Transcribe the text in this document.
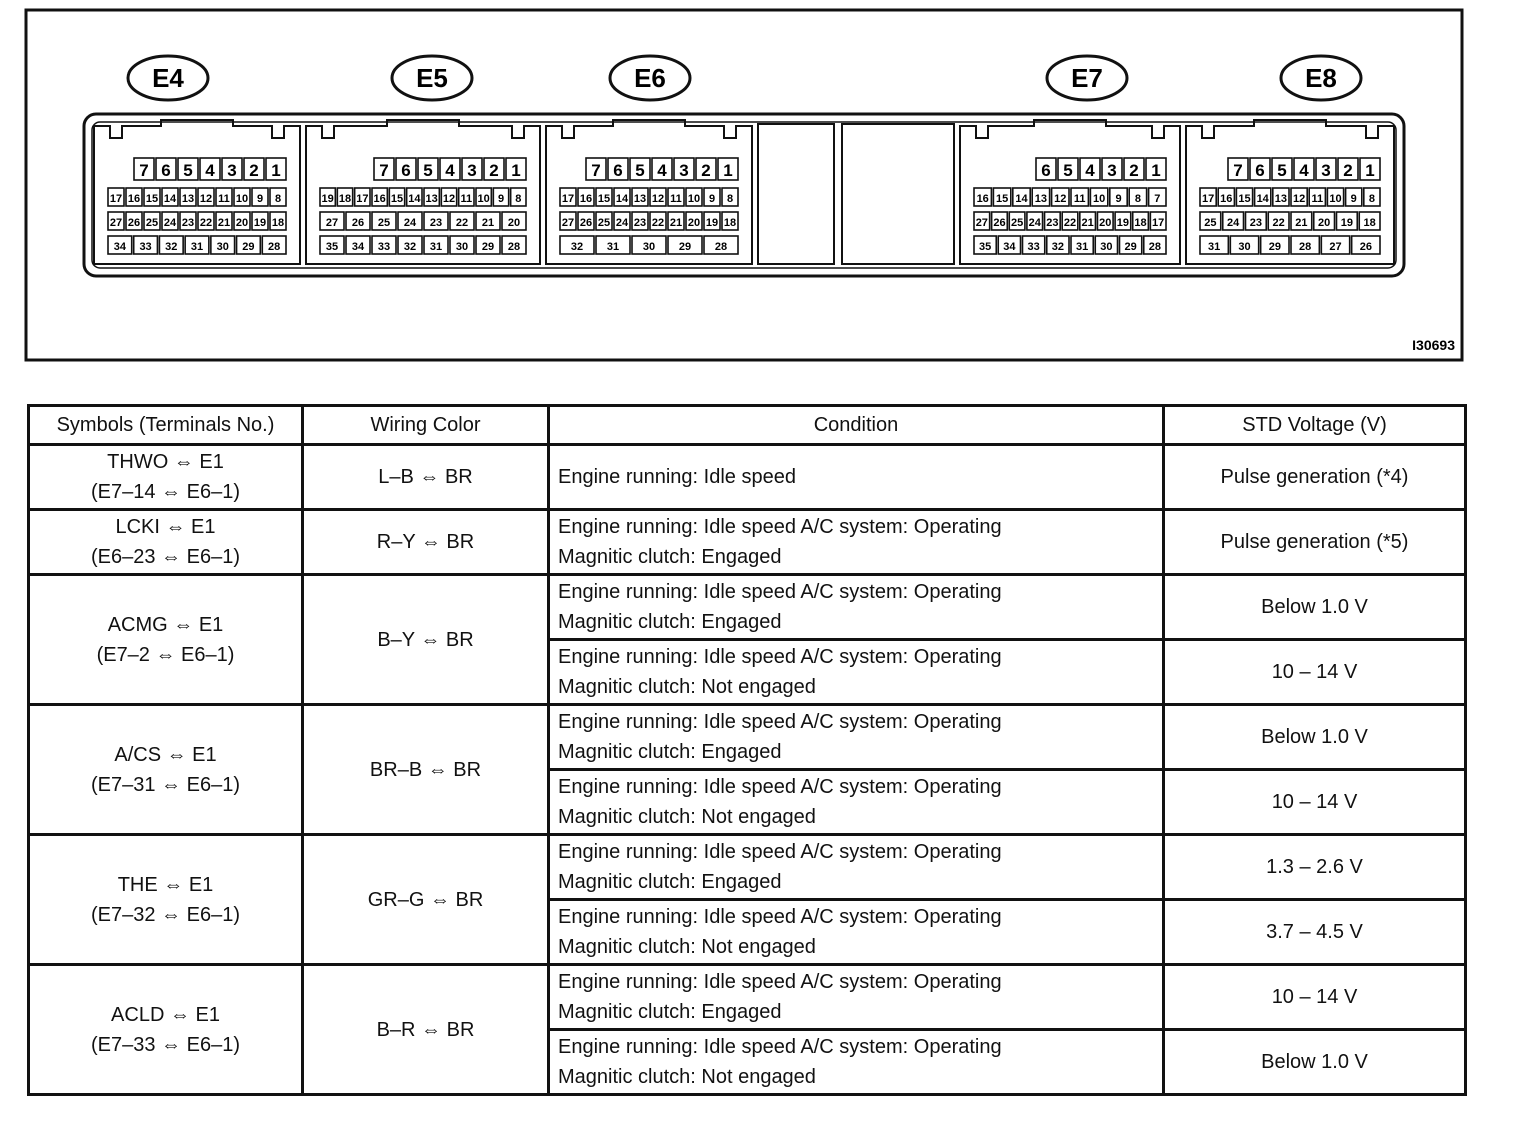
E4
7 6 5 4 3 2 1
17 16 15 14 13 12 11 10 9 8
27 26 25 24 23 22 21 20 19 18
34 33 32 31 30 29 28
E5
7 6 5 4 3 2 1
19 18 17 16 15 14 13 12 11 10 9 8
27 26 25 24 23 22 21 20
35 34 33 32 31 30 29 28
E6
7 6 5 4 3 2 1
17 16 15 14 13 12 11 10 9 8
27 26 25 24 23 22 21 20 19 18
32 31 30 29 28
E7
6 5 4 3 2 1
16 15 14 13 12 11 10 9 8 7
27 26 25 24 23 22 21 20 19 18 17
35 34 33 32 31 30 29 28
E8
7 6 5 4 3 2 1
17 16 15 14 13 12 11 10 9 8
25 24 23 22 21 20 19 18
31 30 29 28 27 26
I30693
Symbols (Terminals No.)	Wiring Color	Condition	STD Voltage (V)

THWO ⇔ E1
(E7–14 ⇔ E6–1)	L–B ⇔ BR	Engine running: Idle speed	Pulse generation (*4)

LCKI ⇔ E1
(E6–23 ⇔ E6–1)	R–Y ⇔ BR	Engine running: Idle speed A/C system: Operating
Magnitic clutch: Engaged	Pulse generation (*5)

ACMG ⇔ E1
(E7–2 ⇔ E6–1)	B–Y ⇔ BR	Engine running: Idle speed A/C system: Operating
Magnitic clutch: Engaged	Below 1.0 V

		Engine running: Idle speed A/C system: Operating
Magnitic clutch: Not engaged	10 – 14 V

A/CS ⇔ E1
(E7–31 ⇔ E6–1)	BR–B ⇔ BR	Engine running: Idle speed A/C system: Operating
Magnitic clutch: Engaged	Below 1.0 V

		Engine running: Idle speed A/C system: Operating
Magnitic clutch: Not engaged	10 – 14 V

THE ⇔ E1
(E7–32 ⇔ E6–1)	GR–G ⇔ BR	Engine running: Idle speed A/C system: Operating
Magnitic clutch: Engaged	1.3 – 2.6 V

		Engine running: Idle speed A/C system: Operating
Magnitic clutch: Not engaged	3.7 – 4.5 V

ACLD ⇔ E1
(E7–33 ⇔ E6–1)	B–R ⇔ BR	Engine running: Idle speed A/C system: Operating
Magnitic clutch: Engaged	10 – 14 V

		Engine running: Idle speed A/C system: Operating
Magnitic clutch: Not engaged	Below 1.0 V
